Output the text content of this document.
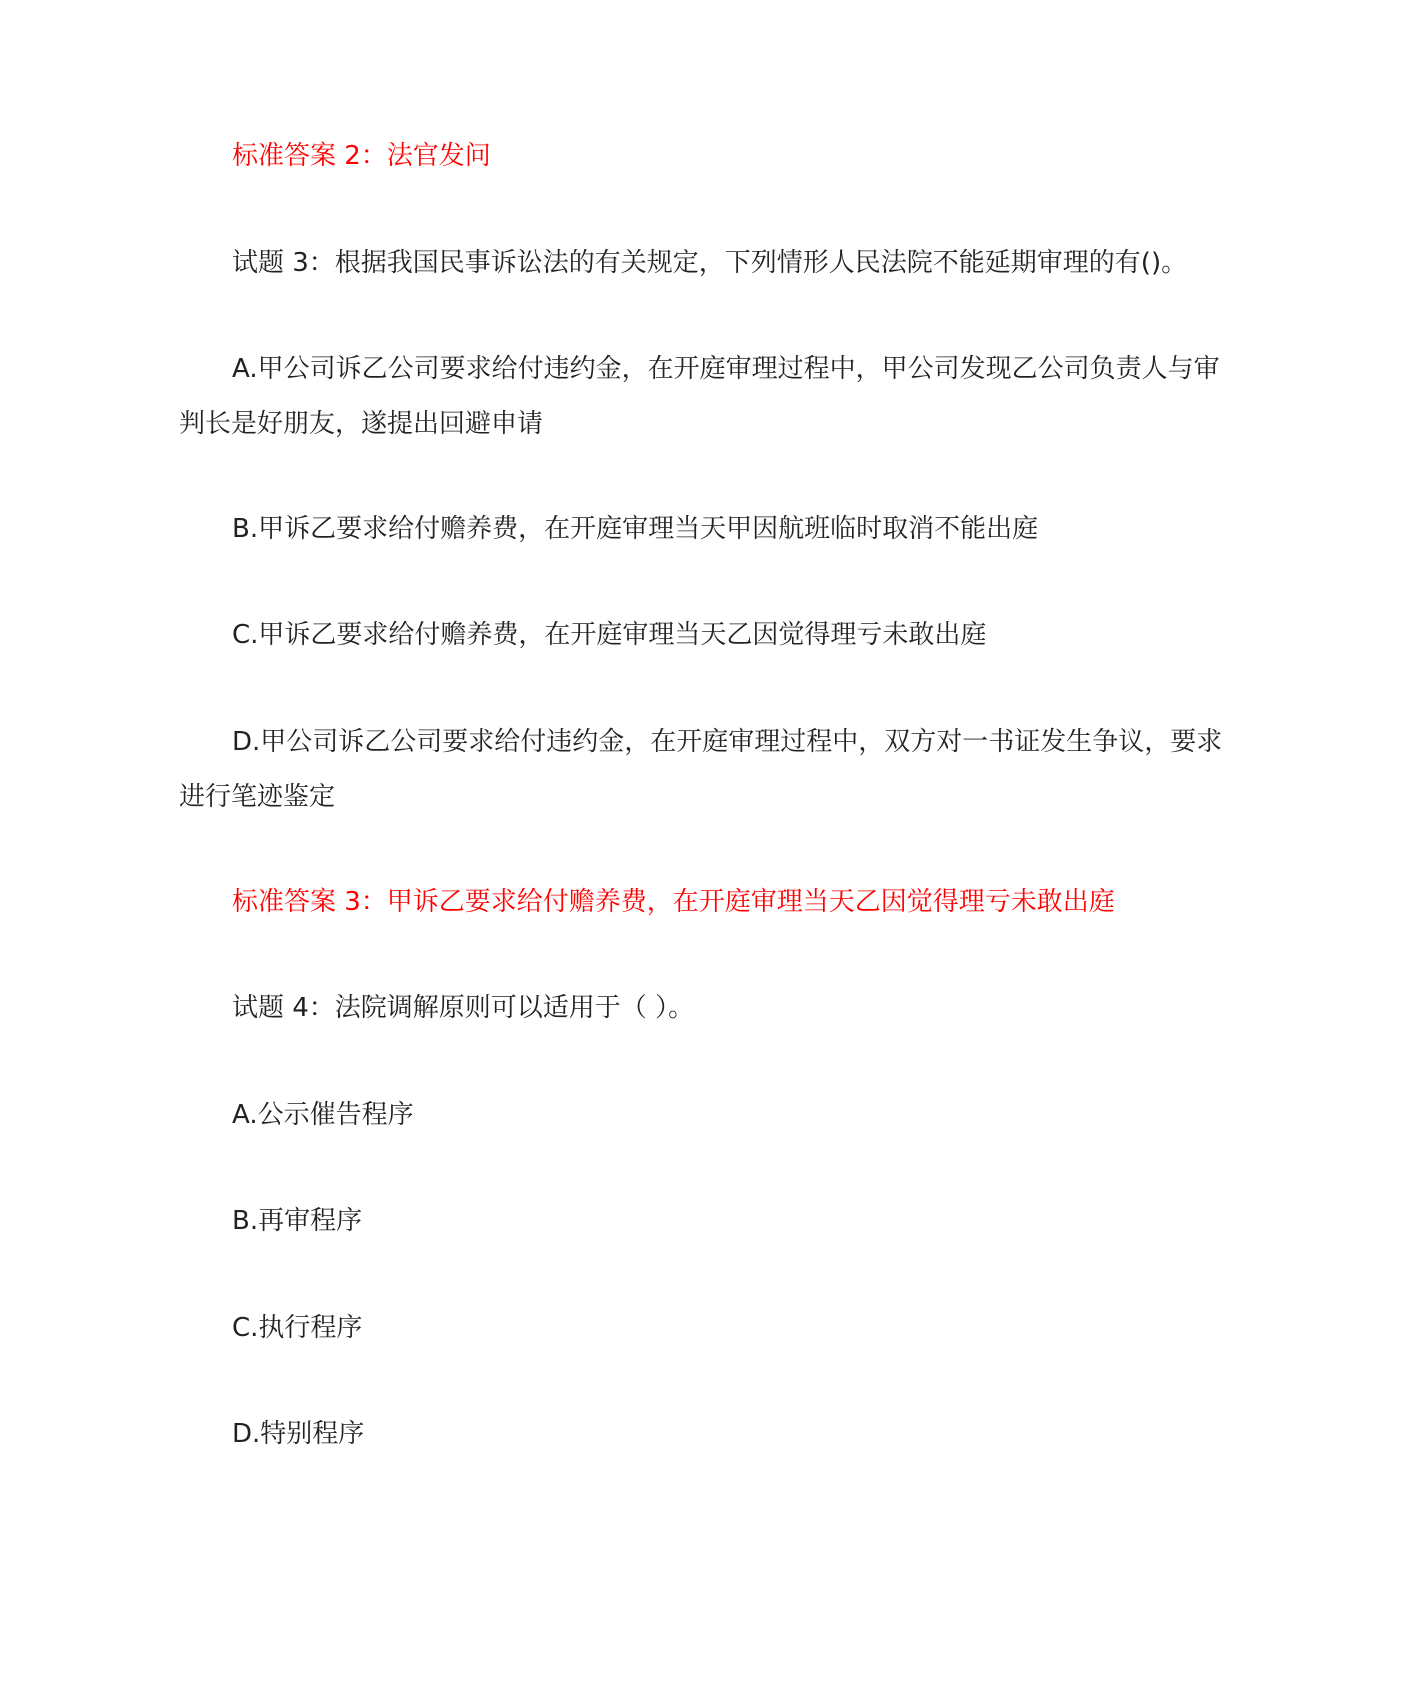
标准答案 2：法官发问

试题 3：根据我国民事诉讼法的有关规定，下列情形人民法院不能延期审理的有()。

A.甲公司诉乙公司要求给付违约金，在开庭审理过程中，甲公司发现乙公司负责人与审判长是好朋友，遂提出回避申请

B.甲诉乙要求给付赡养费，在开庭审理当天甲因航班临时取消不能出庭

C.甲诉乙要求给付赡养费，在开庭审理当天乙因觉得理亏未敢出庭

D.甲公司诉乙公司要求给付违约金，在开庭审理过程中，双方对一书证发生争议，要求进行笔迹鉴定

标准答案 3：甲诉乙要求给付赡养费，在开庭审理当天乙因觉得理亏未敢出庭

试题 4：法院调解原则可以适用于（ ）。

A.公示催告程序

B.再审程序

C.执行程序

D.特别程序
